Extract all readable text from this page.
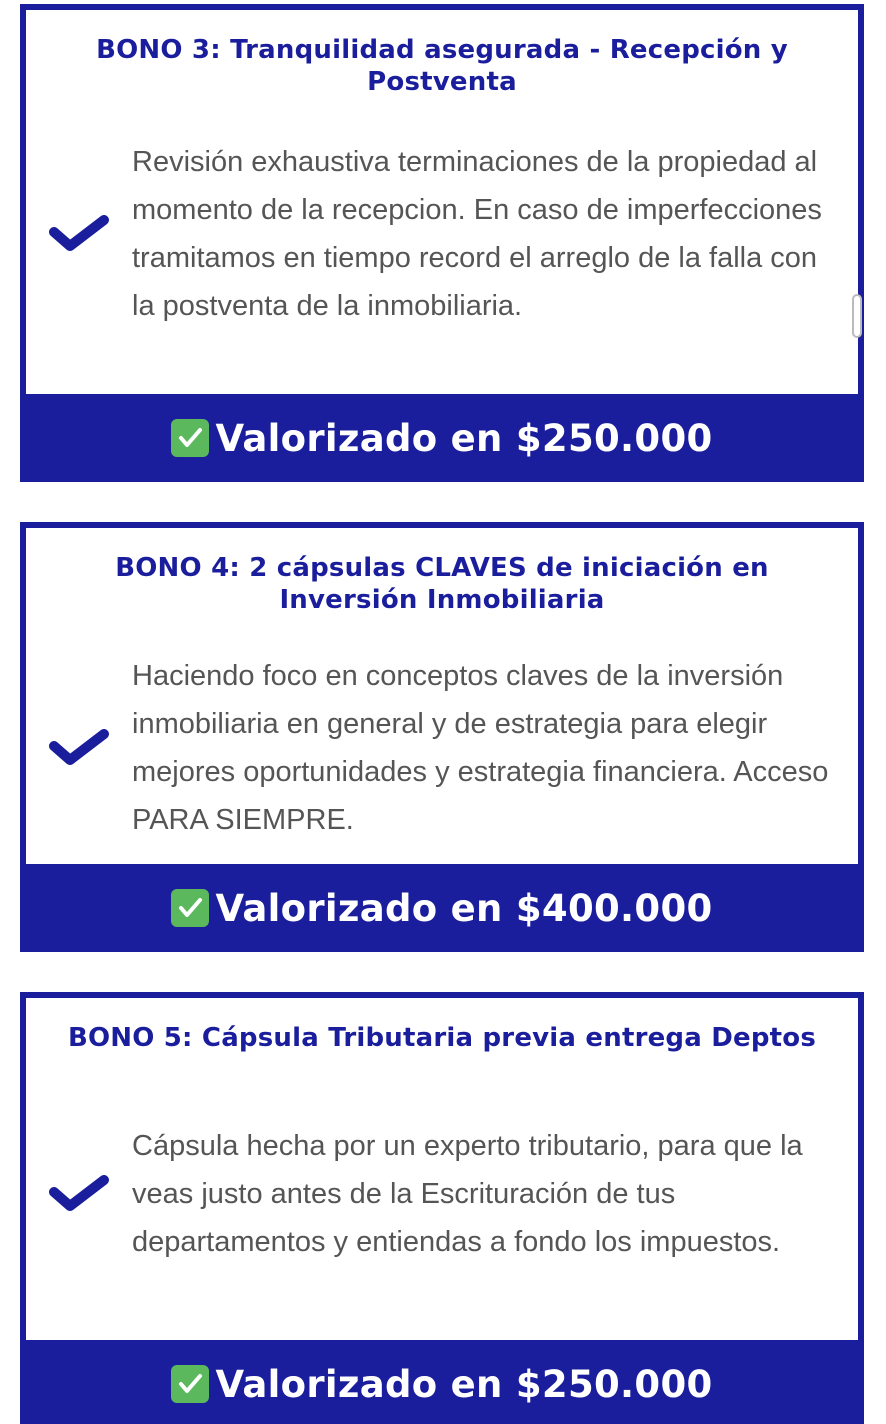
BONO 3: Tranquilidad asegurada - Recepción y Postventa

Revisión exhaustiva terminaciones de la propiedad al momento de la recepcion. En caso de imperfecciones tramitamos en tiempo record el arreglo de la falla con la postventa de la inmobiliaria.

Valorizado en $250.000
BONO 4: 2 cápsulas CLAVES de iniciación en Inversión Inmobiliaria

Haciendo foco en conceptos claves de la inversión inmobiliaria en general y de estrategia para elegir mejores oportunidades y estrategia financiera. Acceso PARA SIEMPRE.

Valorizado en $400.000
BONO 5: Cápsula Tributaria previa entrega Deptos

Cápsula hecha por un experto tributario, para que la veas justo antes de la Escrituración de tus departamentos y entiendas a fondo los impuestos.

Valorizado en $250.000
